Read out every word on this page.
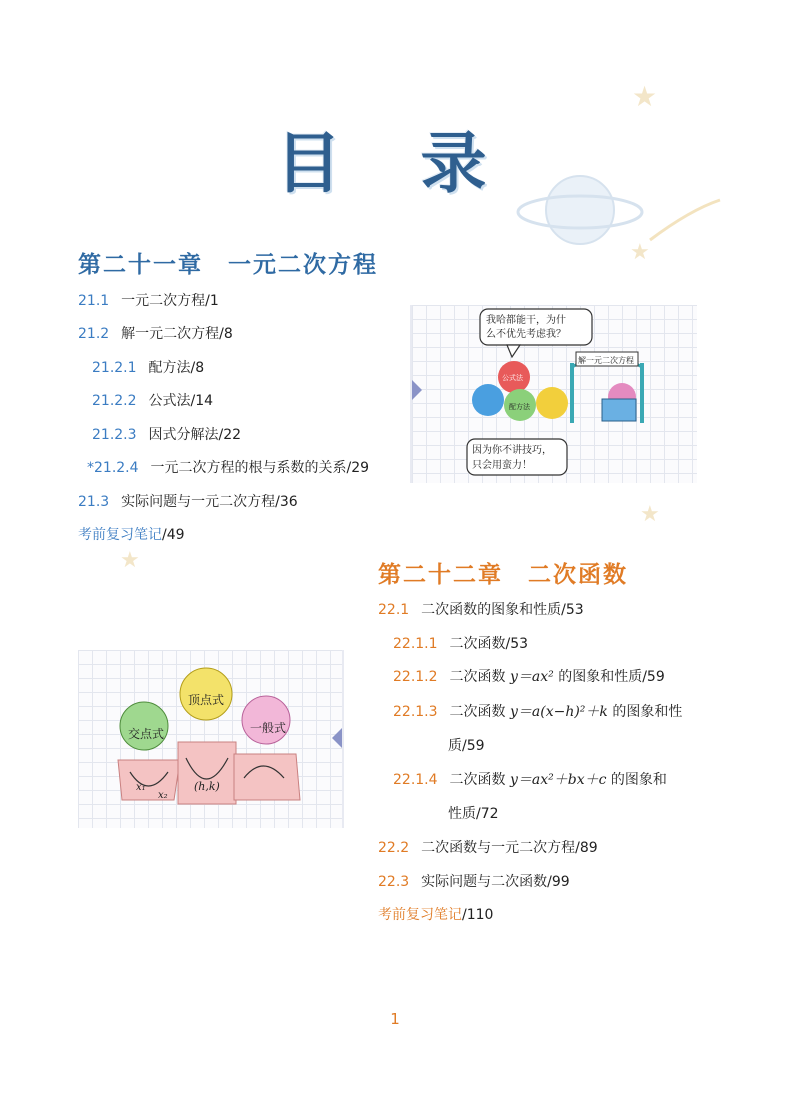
★
★
★
★
目 录
第二十一章　一元二次方程
21.1 一元二次方程/1
21.2 解一元二次方程/8
21.2.1 配方法/8
21.2.2 公式法/14
21.2.3 因式分解法/22
*21.2.4 一元二次方程的根与系数的关系/29
21.3 实际问题与一元二次方程/36
考前复习笔记/49
我哈都能干，为什
么不优先考虑我？
解一元二次方程
公式法
配方法
因为你不讲技巧，
只会用蛮力！
第二十二章　二次函数
22.1 二次函数的图象和性质/53
22.1.1 二次函数/53
22.1.2 二次函数 y＝ax² 的图象和性质/59
22.1.3 二次函数 y＝a(x−h)²＋k 的图象和性
质/59
22.1.4 二次函数 y＝ax²＋bx＋c 的图象和
性质/72
22.2 二次函数与一元二次方程/89
22.3 实际问题与二次函数/99
考前复习笔记/110
交点式
顶点式
一般式
x₁
x₂
(h,k)
1
